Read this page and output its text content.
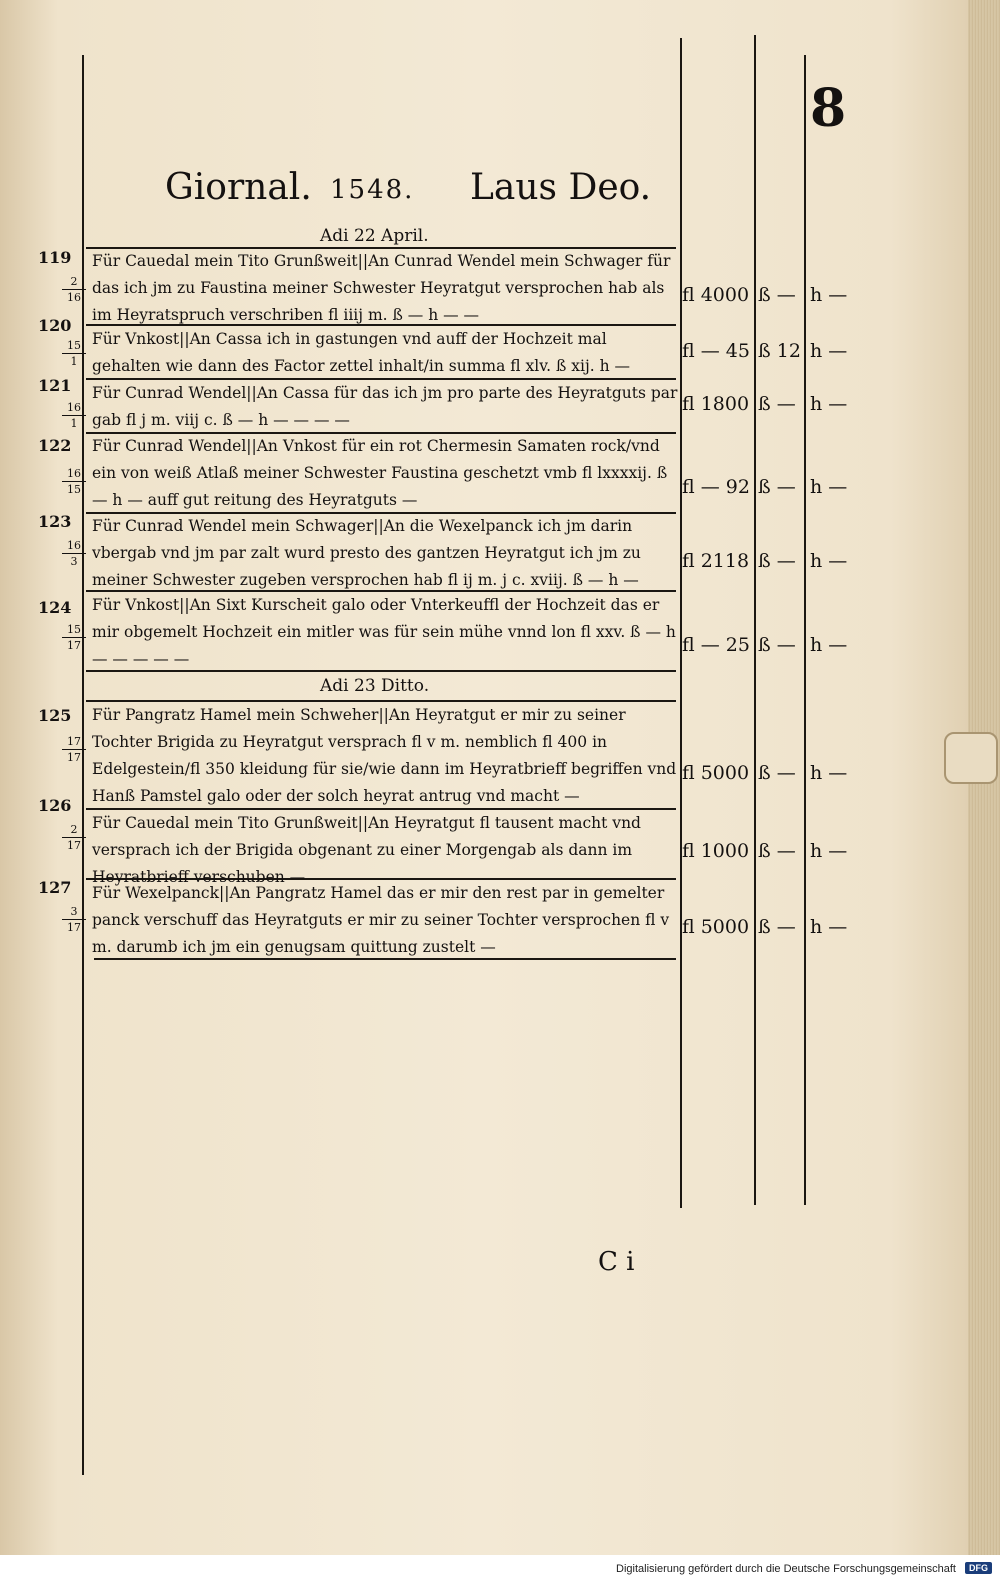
8
Giornal. 1548. Laus Deo.
Adi 22 April.
Adi 23 Ditto.
119
$\frac{2}{16}$
Für Cauedal mein Tito Grunßweit||An Cunrad Wendel mein Schwager für das ich jm zu Faustina meiner Schwester Heyratgut versprochen hab als im Heyratspruch verschriben fl iiij m. ß — h — —
fl 4000 ß — h —
120
$\frac{15}{1}$ Für Vnkost||An Cassa ich in gastungen vnd auff der Hochzeit mal gehalten wie dann des Factor zettel inhalt/in summa fl xlv. ß xij. h —
fl — 45 ß 12 h —
121
$\frac{16}{1}$
Für Cunrad Wendel||An Cassa für das ich jm pro parte des Heyratguts par gab fl j m. viij c. ß — h — — — —
fl 1800 ß — h —
122
$\frac{16}{15}$
Für Cunrad Wendel||An Vnkost für ein rot Chermesin Samaten rock/vnd ein von weiß Atlaß meiner Schwester Faustina geschetzt vmb fl lxxxxij. ß — h — auff gut reitung des Heyratguts —
fl — 92 ß — h —
123
$\frac{16}{3}$
Für Cunrad Wendel mein Schwager||An die Wexelpanck ich jm darin vbergab vnd jm par zalt wurd presto des gantzen Heyratgut ich jm zu meiner Schwester zugeben versprochen hab fl ij m. j c. xviij. ß — h —
fl 2118 ß — h —
124
$\frac{15}{17}$
Für Vnkost||An Sixt Kurscheit galo oder Vnterkeuffl der Hochzeit das er mir obgemelt Hochzeit ein mitler was für sein mühe vnnd lon fl xxv. ß — h — — — — —
fl — 25 ß — h —
125
$\frac{17}{17}$
Für Pangratz Hamel mein Schweher||An Heyratgut er mir zu seiner Tochter Brigida zu Heyratgut versprach fl v m. nemblich fl 400 in Edelgestein/fl 350 kleidung für sie/wie dann im Heyratbrieff begriffen vnd Hanß Pamstel galo oder der solch heyrat antrug vnd macht —
fl 5000 ß — h —
126
$\frac{2}{17}$ Für Cauedal mein Tito Grunßweit||An Heyratgut fl tausent macht vnd versprach ich der Brigida obgenant zu einer Morgengab als dann im Heyratbrieff verschuben —
fl 1000 ß — h —
127
$\frac{3}{17}$
Für Wexelpanck||An Pangratz Hamel das er mir den rest par in gemelter panck verschuff das Heyratguts er mir zu seiner Tochter versprochen fl v m. darumb ich jm ein genugsam quittung zustelt —
fl 5000 ß — h —
C i
Digitalisierung gefördert durch die Deutsche Forschungsgemeinschaft	DFG
